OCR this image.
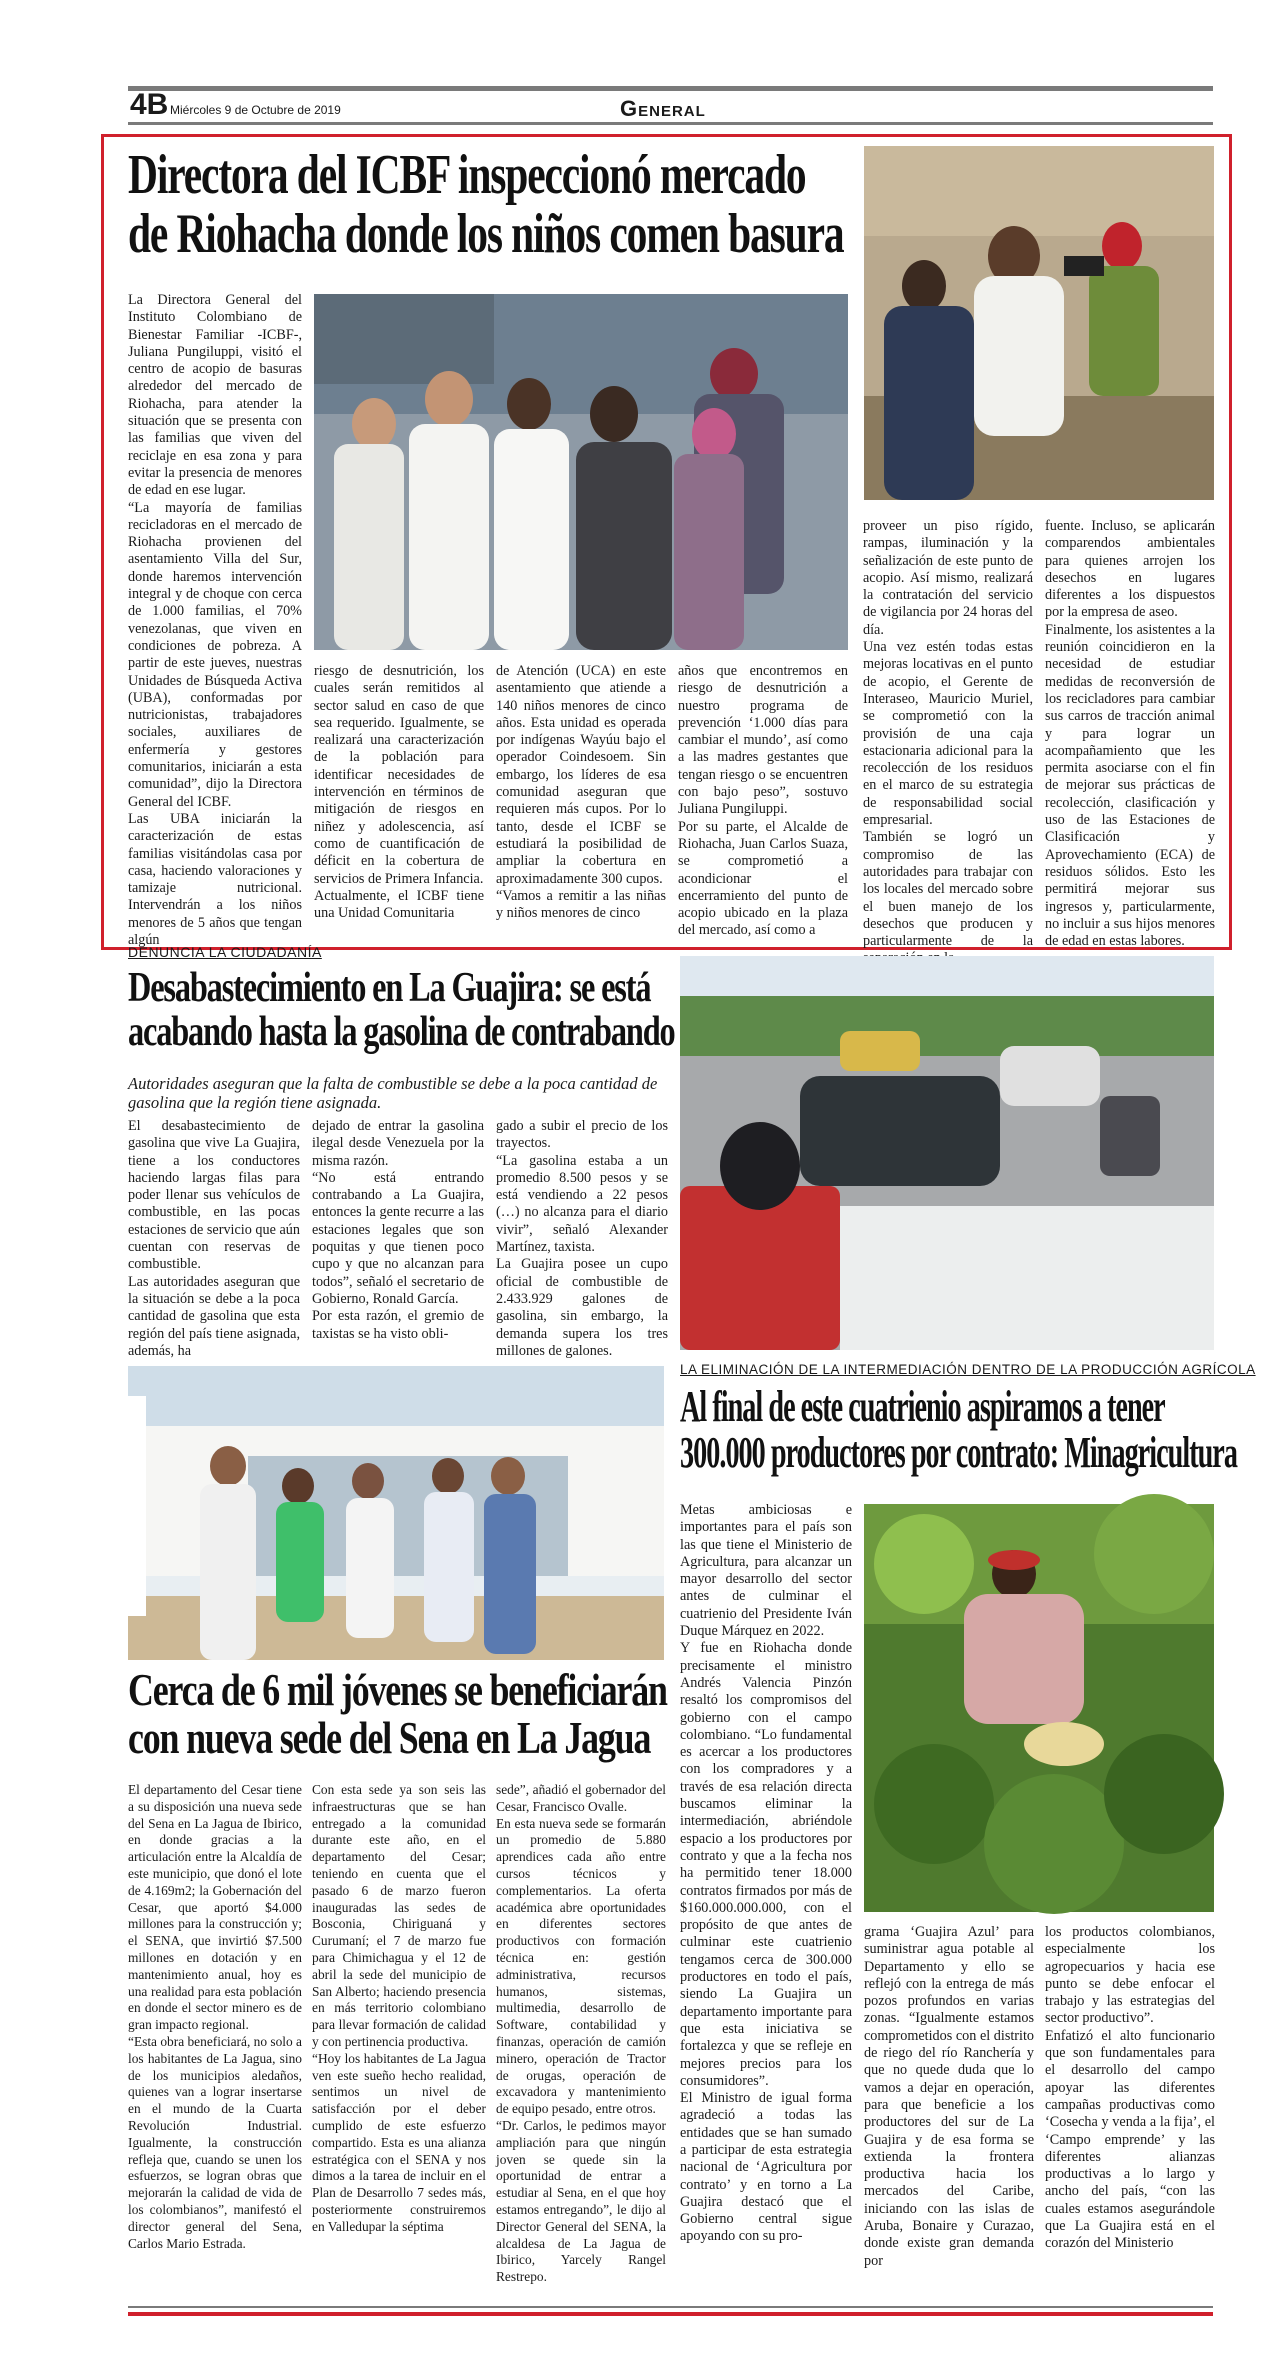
4B Miércoles 9 de Octubre de 2019	General
Directora del ICBF inspeccionó mercado
de Riohacha donde los niños comen basura
La Directora General del Instituto Colombiano de Bienestar Familiar -ICBF-, Juliana Pungiluppi, visitó el centro de acopio de basuras alrededor del mercado de Riohacha, para atender la situación que se presenta con las familias que viven del reciclaje en esa zona y para evitar la presencia de menores de edad en ese lugar.
“La mayoría de familias recicladoras en el mercado de Riohacha provienen del asentamiento Villa del Sur, donde haremos intervención integral y de choque con cerca de 1.000 familias, el 70% venezolanas, que viven en condiciones de pobreza. A partir de este jueves, nuestras Unidades de Búsqueda Activa (UBA), conformadas por nutricionistas, trabajadores sociales, auxiliares de enfermería y gestores comunitarios, iniciarán a esta comunidad”, dijo la Directora General del ICBF.
Las UBA iniciarán la caracterización de estas familias visitándolas casa por casa, haciendo valoraciones y tamizaje nutricional. Intervendrán a los niños menores de 5 años que tengan algún
riesgo de desnutrición, los cuales serán remitidos al sector salud en caso de que sea requerido. Igualmente, se realizará una caracterización de la población para identificar necesidades de intervención en términos de mitigación de riesgos en niñez y adolescencia, así como de cuantificación de déficit en la cobertura de servicios de Primera Infancia.
Actualmente, el ICBF tiene una Unidad Comunitaria
de Atención (UCA) en este asentamiento que atiende a 140 niños menores de cinco años. Esta unidad es operada por indígenas Wayúu bajo el operador Coindesoem. Sin embargo, los líderes de esa comunidad aseguran que requieren más cupos. Por lo tanto, desde el ICBF se estudiará la posibilidad de ampliar la cobertura en aproximadamente 300 cupos.
“Vamos a remitir a las niñas y niños menores de cinco
años que encontremos en riesgo de desnutrición a nuestro programa de prevención ‘1.000 días para cambiar el mundo’, así como a las madres gestantes que tengan riesgo o se encuentren con bajo peso”, sostuvo Juliana Pungiluppi.
Por su parte, el Alcalde de Riohacha, Juan Carlos Suaza, se comprometió a acondicionar el encerramiento del punto de acopio ubicado en la plaza del mercado, así como a
proveer un piso rígido, rampas, iluminación y la señalización de este punto de acopio. Así mismo, realizará la contratación del servicio de vigilancia por 24 horas del día.
Una vez estén todas estas mejoras locativas en el punto de acopio, el Gerente de Interaseo, Mauricio Muriel, se comprometió con la provisión de una caja estacionaria adicional para la recolección de los residuos en el marco de su estrategia de responsabilidad social empresarial.
También se logró un compromiso de las autoridades para trabajar con los locales del mercado sobre el buen manejo de los desechos que producen y particularmente de la
fuente. Incluso, se aplicarán comparendos ambientales para quienes arrojen los desechos en lugares diferentes a los dispuestos por la empresa de aseo.
Finalmente, los asistentes a la reunión coincidieron en la necesidad de estudiar medidas de reconversión de los recicladores para cambiar sus carros de tracción animal y para lograr un acompañamiento que les permita asociarse con el fin de mejorar sus prácticas de recolección, clasificación y uso de las Estaciones de Clasificación y Aprovechamiento (ECA) de residuos sólidos. Esto les permitirá mejorar sus ingresos y, particularmente, no incluir a sus hijos menores de edad en estas labores.
DENUNCIA LA CIUDADANÍA
Desabastecimiento en La Guajira: se está
acabando hasta la gasolina de contrabando
Autoridades aseguran que la falta de combustible se debe a la poca cantidad de gasolina que la región tiene asignada.
El desabastecimiento de gasolina que vive La Guajira, tiene a los conductores haciendo largas filas para poder llenar sus vehículos de combustible, en las pocas estaciones de servicio que aún cuentan con reservas de combustible.
Las autoridades aseguran que la situación se debe a la poca cantidad de gasolina que esta región del país tiene asignada, además, ha
dejado de entrar la gasolina ilegal desde Venezuela por la misma razón.
“No está entrando contrabando a La Guajira, entonces la gente recurre a las estaciones legales que son poquitas y que tienen poco cupo y que no alcanzan para todos”, señaló el secretario de Gobierno, Ronald García.
Por esta razón, el gremio de taxistas se ha visto obli-
gado a subir el precio de los trayectos.
“La gasolina estaba a un promedio 8.500 pesos y se está vendiendo a 22 pesos (…) no alcanza para el diario vivir”, señaló Alexander Martínez, taxista.
La Guajira posee un cupo oficial de combustible de 2.433.929 galones de gasolina, sin embargo, la demanda supera los tres millones de galones.
Cerca de 6 mil jóvenes se beneficiarán
con nueva sede del Sena en La Jagua
El departamento del Cesar tiene a su disposición una nueva sede del Sena en La Jagua de Ibirico, en donde gracias a la articulación entre la Alcaldía de este municipio, que donó el lote de 4.169m2; la Gobernación del Cesar, que aportó $4.000 millones para la construcción y; el SENA, que invirtió $7.500 millones en dotación y en mantenimiento anual, hoy es una realidad para esta población en donde el sector minero es de gran impacto regional.
“Esta obra beneficiará, no solo a los habitantes de La Jagua, sino de los municipios aledaños, quienes van a lograr insertarse en el mundo de la Cuarta Revolución Industrial. Igualmente, la construcción refleja que, cuando se unen los esfuerzos, se logran obras que mejorarán la calidad de vida de los colombianos”, manifestó el director general del Sena, Carlos Mario Estrada.
Con esta sede ya son seis las infraestructuras que se han entregado a la comunidad durante este año, en el departamento del Cesar; teniendo en cuenta que el pasado 6 de marzo fueron inauguradas las sedes de Bosconia, Chiriguaná y Curumaní; el 7 de marzo fue para Chimichagua y el 12 de abril la sede del municipio de San Alberto; haciendo presencia en más territorio colombiano para llevar formación de calidad y con pertinencia productiva.
“Hoy los habitantes de La Jagua ven este sueño hecho realidad, sentimos un nivel de satisfacción por el deber cumplido de este esfuerzo compartido. Esta es una alianza estratégica con el SENA y nos dimos a la tarea de incluir en el Plan de Desarrollo 7 sedes más, posteriormente construiremos en Valledupar la séptima
sede”, añadió el gobernador del Cesar, Francisco Ovalle.
En esta nueva sede se formarán un promedio de 5.880 aprendices cada año entre cursos técnicos y complementarios. La oferta académica abre oportunidades en diferentes sectores productivos con formación técnica en: gestión administrativa, recursos humanos, sistemas, multimedia, desarrollo de Software, contabilidad y finanzas, operación de camión minero, operación de Tractor de orugas, operación de excavadora y mantenimiento de equipo pesado, entre otros.
“Dr. Carlos, le pedimos mayor ampliación para que ningún joven se quede sin la oportunidad de entrar a estudiar al Sena, en el que hoy estamos entregando”, le dijo al Director General del SENA, la alcaldesa de La Jagua de Ibirico, Yarcely Rangel Restrepo.
LA ELIMINACIÓN DE LA INTERMEDIACIÓN DENTRO DE LA PRODUCCIÓN AGRÍCOLA
Al final de este cuatrienio aspiramos a tener
300.000 productores por contrato: Minagricultura
Metas ambiciosas e importantes para el país son las que tiene el Ministerio de Agricultura, para alcanzar un mayor desarrollo del sector antes de culminar el cuatrienio del Presidente Iván Duque Márquez en 2022.
Y fue en Riohacha donde precisamente el ministro Andrés Valencia Pinzón resaltó los compromisos del gobierno con el campo colombiano. “Lo fundamental es acercar a los productores con los compradores y a través de esa relación directa buscamos eliminar la intermediación, abriéndole espacio a los productores por contrato y que a la fecha nos ha permitido tener 18.000 contratos firmados por más de $160.000.000.000, con el propósito de que antes de culminar este cuatrienio tengamos cerca de 300.000 productores en todo el país, siendo La Guajira un departamento importante para que esta iniciativa se fortalezca y que se refleje en mejores precios para los consumidores”.
El Ministro de igual forma agradeció a todas las entidades que se han sumado a participar de esta estrategia nacional de ‘Agricultura por contrato’ y en torno a La Guajira destacó que el Gobierno central sigue apoyando con su pro-
grama ‘Guajira Azul’ para suministrar agua potable al Departamento y ello se reflejó con la entrega de más pozos profundos en varias zonas. “Igualmente estamos comprometidos con el distrito de riego del río Ranchería y que no quede duda que lo vamos a dejar en operación, para que beneficie a los productores del sur de La Guajira y de esa forma se extienda la frontera productiva hacia los mercados del Caribe, iniciando con las islas de Aruba, Bonaire y Curazao, donde existe gran demanda por
los productos colombianos, especialmente los agropecuarios y hacia ese punto se debe enfocar el trabajo y las estrategias del sector productivo”.
Enfatizó el alto funcionario que son fundamentales para el desarrollo del campo apoyar las diferentes campañas productivas como ‘Cosecha y venda a la fija’, el ‘Campo emprende’ y las diferentes alianzas productivas a lo largo y ancho del país, “con las cuales estamos asegurándole que La Guajira está en el corazón del Ministerio
